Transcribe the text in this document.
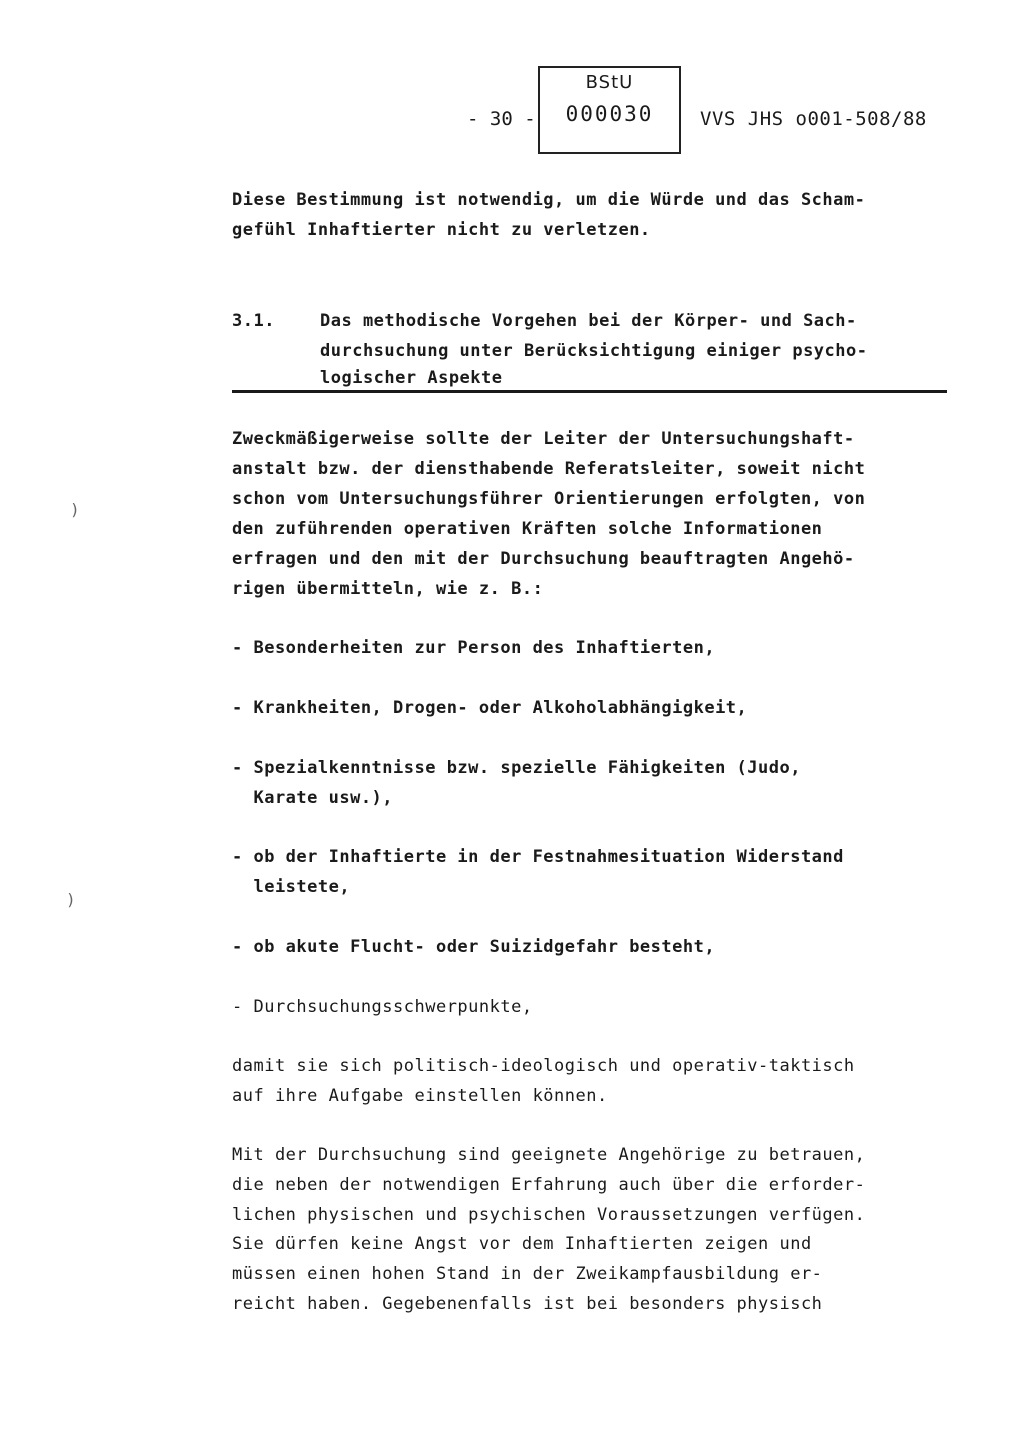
- 30 -
BStU
000030	VVS JHS o001-508/88
Diese Bestimmung ist notwendig, um die Würde und das Scham-
gefühl Inhaftierter nicht zu verletzen.
3.1.	Das methodische Vorgehen bei der Körper- und Sach-
durchsuchung unter Berücksichtigung einiger psycho-
logischer Aspekte
Zweckmäßigerweise sollte der Leiter der Untersuchungshaft-
anstalt bzw. der diensthabende Referatsleiter, soweit nicht
schon vom Untersuchungsführer Orientierungen erfolgten, von
den zuführenden operativen Kräften solche Informationen
erfragen und den mit der Durchsuchung beauftragten Angehö-
rigen übermitteln, wie z. B.:
- Besonderheiten zur Person des Inhaftierten,
- Krankheiten, Drogen- oder Alkoholabhängigkeit,
- Spezialkenntnisse bzw. spezielle Fähigkeiten (Judo,
Karate usw.),
- ob der Inhaftierte in der Festnahmesituation Widerstand
leistete,
- ob akute Flucht- oder Suizidgefahr besteht,
- Durchsuchungsschwerpunkte,
damit sie sich politisch-ideologisch und operativ-taktisch
auf ihre Aufgabe einstellen können.
Mit der Durchsuchung sind geeignete Angehörige zu betrauen,
die neben der notwendigen Erfahrung auch über die erforder-
lichen physischen und psychischen Voraussetzungen verfügen.
Sie dürfen keine Angst vor dem Inhaftierten zeigen und
müssen einen hohen Stand in der Zweikampfausbildung er-
reicht haben. Gegebenenfalls ist bei besonders physisch
)
)
